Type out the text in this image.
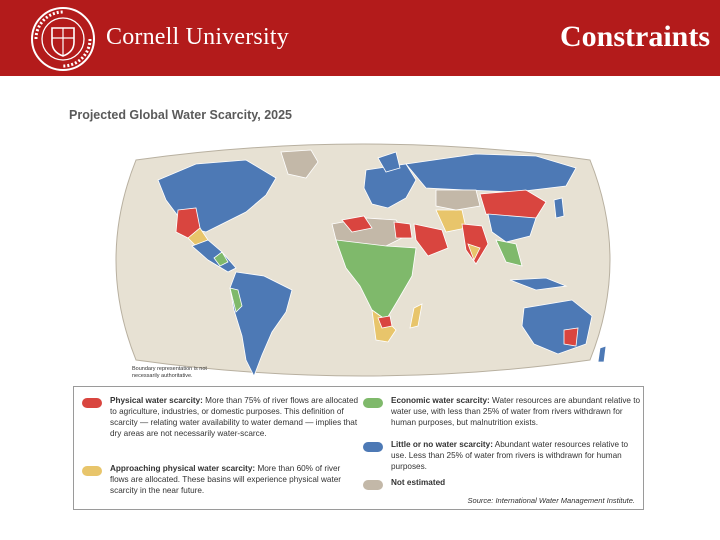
Cornell University	Constraints
Projected Global Water Scarcity, 2025
Boundary representation is not necessarily authoritative.
Physical water scarcity: More than 75% of river flows are allocated to agriculture, industries, or domestic purposes. This definition of scarcity — relating water availability to water demand — implies that dry areas are not necessarily water-scarce.
Approaching physical water scarcity: More than 60% of river flows are allocated. These basins will experience physical water scarcity in the near future.
Economic water scarcity: Water resources are abundant relative to water use, with less than 25% of water from rivers withdrawn for human purposes, but malnutrition exists.
Little or no water scarcity: Abundant water resources relative to use. Less than 25% of water from rivers is withdrawn for human purposes.
Not estimated
Source: International Water Management Institute.
